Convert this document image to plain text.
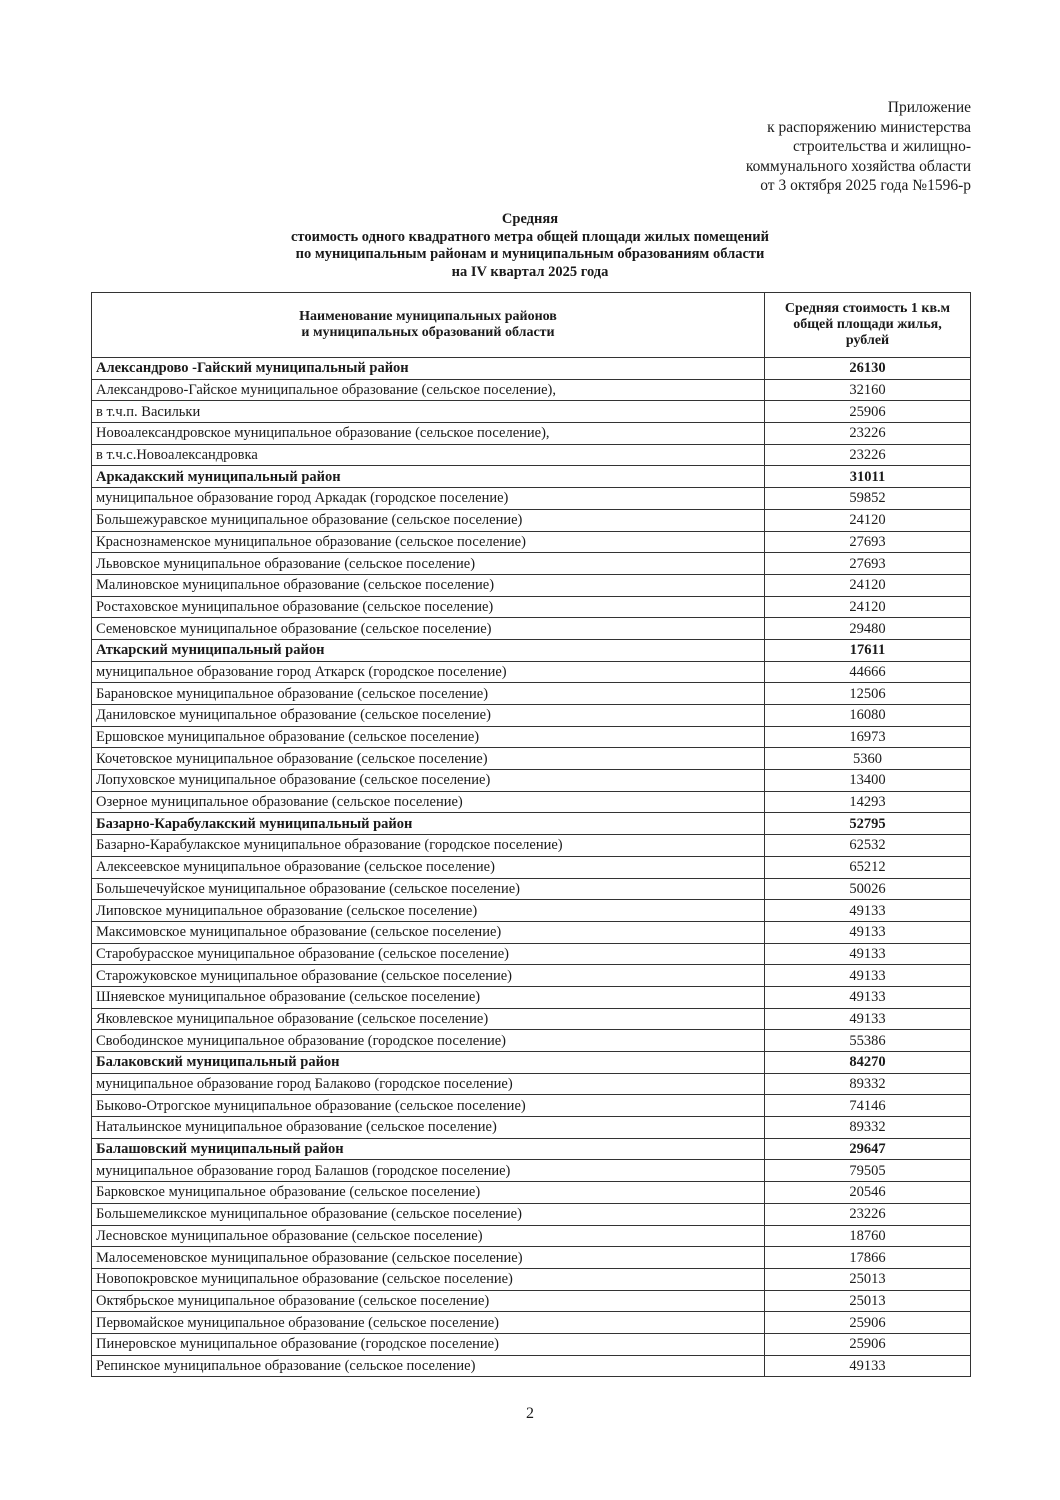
Приложение
к распоряжению министерства
строительства и жилищно-
коммунального хозяйства области
от 3 октября 2025 года №1596-р
Средняя
стоимость одного квадратного метра общей площади жилых помещений
по муниципальным районам и муниципальным образованиям области
на IV квартал 2025 года
Наименование муниципальных районов
и муниципальных образований области

Средняя стоимость 1 кв.м
общей площади жилья,
рублей

Александрово -Гайский муниципальный район	26130
Александрово-Гайское муниципальное образование (сельское поселение),	32160
в т.ч.п. Васильки	25906
Новоалександровское муниципальное образование (сельское поселение),	23226
в т.ч.с.Новоалександровка	23226
Аркадакский муниципальный район	31011
муниципальное образование город Аркадак (городское поселение)	59852
Большежуравское муниципальное образование (сельское поселение)	24120
Краснознаменское муниципальное образование (сельское поселение)	27693
Львовское муниципальное образование (сельское поселение)	27693
Малиновское муниципальное образование (сельское поселение)	24120
Ростаховское муниципальное образование (сельское поселение)	24120
Семеновское муниципальное образование (сельское поселение)	29480
Аткарский муниципальный район	17611
муниципальное образование город Аткарск (городское поселение)	44666
Барановское муниципальное образование (сельское поселение)	12506
Даниловское муниципальное образование (сельское поселение)	16080
Ершовское муниципальное образование (сельское поселение)	16973
Кочетовское муниципальное образование (сельское поселение)	5360
Лопуховское муниципальное образование (сельское поселение)	13400
Озерное муниципальное образование (сельское поселение)	14293
Базарно-Карабулакский муниципальный район	52795
Базарно-Карабулакское муниципальное образование (городское поселение)	62532
Алексеевское муниципальное образование (сельское поселение)	65212
Большечечуйское муниципальное образование (сельское поселение)	50026
Липовское муниципальное образование (сельское поселение)	49133
Максимовское муниципальное образование (сельское поселение)	49133
Старобурасское муниципальное образование (сельское поселение)	49133
Старожуковское муниципальное образование (сельское поселение)	49133
Шняевское муниципальное образование (сельское поселение)	49133
Яковлевское муниципальное образование (сельское поселение)	49133
Свободинское муниципальное образование (городское поселение)	55386
Балаковский муниципальный район	84270
муниципальное образование город Балаково (городское поселение)	89332
Быково-Отрогское муниципальное образование (сельское поселение)	74146
Натальинское муниципальное образование (сельское поселение)	89332
Балашовский муниципальный район	29647
муниципальное образование город Балашов (городское поселение)	79505
Барковское муниципальное образование (сельское поселение)	20546
Большемеликское муниципальное образование (сельское поселение)	23226
Лесновское муниципальное образование (сельское поселение)	18760
Малосеменовское муниципальное образование (сельское поселение)	17866
Новопокровское муниципальное образование (сельское поселение)	25013
Октябрьское муниципальное образование (сельское поселение)	25013
Первомайское муниципальное образование (сельское поселение)	25906
Пинеровское муниципальное образование (городское поселение)	25906
Репинское муниципальное образование (сельское поселение)	49133
2
